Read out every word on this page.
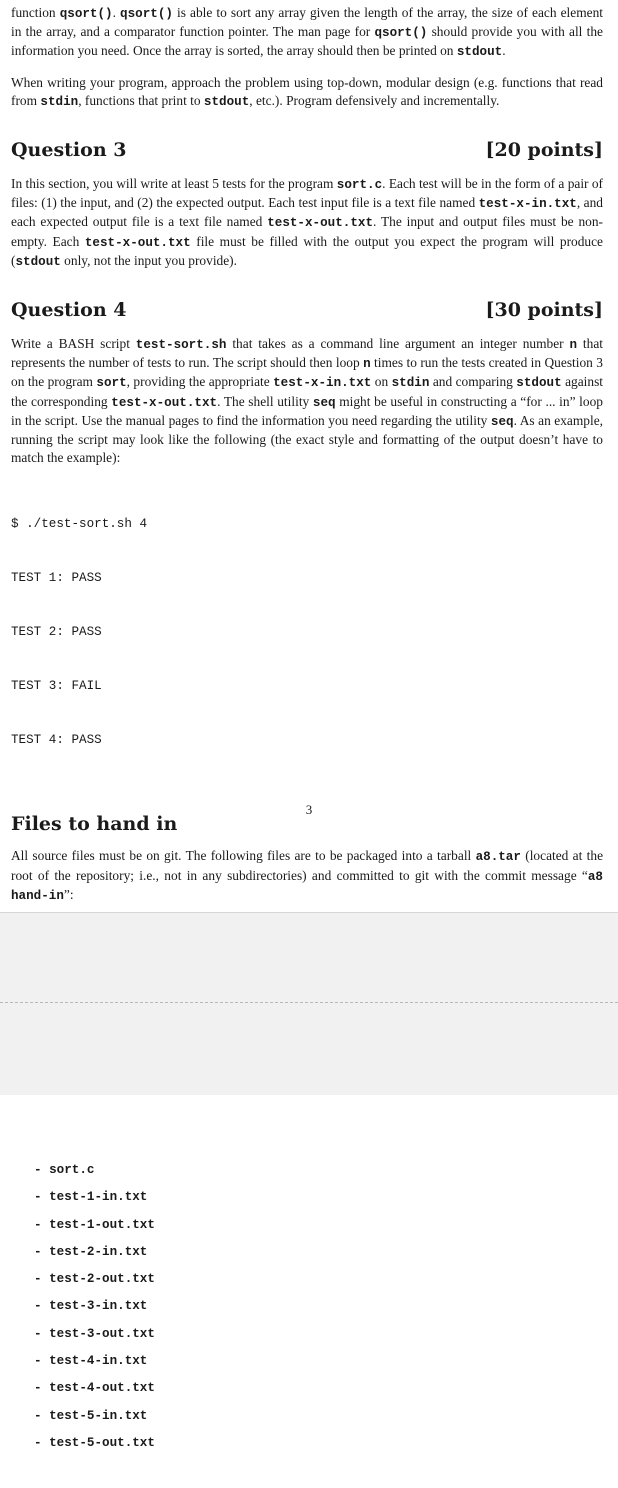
function qsort(). qsort() is able to sort any array given the length of the array, the size of each element in the array, and a comparator function pointer. The man page for qsort() should provide you with all the information you need. Once the array is sorted, the array should then be printed on stdout.

When writing your program, approach the problem using top-down, modular design (e.g. functions that read from stdin, functions that print to stdout, etc.). Program defensively and incrementally.

Question 3	[20 points]

In this section, you will write at least 5 tests for the program sort.c. Each test will be in the form of a pair of files: (1) the input, and (2) the expected output. Each test input file is a text file named test-x-in.txt, and each expected output file is a text file named test-x-out.txt. The input and output files must be non-empty. Each test-x-out.txt file must be filled with the output you expect the program will produce (stdout only, not the input you provide).

Question 4	[30 points]

Write a BASH script test-sort.sh that takes as a command line argument an integer number n that represents the number of tests to run. The script should then loop n times to run the tests created in Question 3 on the program sort, providing the appropriate test-x-in.txt on stdin and comparing stdout against the corresponding test-x-out.txt. The shell utility seq might be useful in constructing a “for ... in” loop in the script. Use the manual pages to find the information you need regarding the utility seq. As an example, running the script may look like the following (the exact style and formatting of the output doesn’t have to match the example):

$ ./test-sort.sh 4

TEST 1: PASS

TEST 2: PASS

TEST 3: FAIL

TEST 4: PASS

Files to hand in

All source files must be on git. The following files are to be packaged into a tarball a8.tar (located at the root of the repository; i.e., not in any subdirectories) and committed to git with the commit message “a8 hand-in”:

3
- sort.c
- test-1-in.txt
- test-1-out.txt
- test-2-in.txt
- test-2-out.txt
- test-3-in.txt
- test-3-out.txt
- test-4-in.txt
- test-4-out.txt
- test-5-in.txt
- test-5-out.txt
